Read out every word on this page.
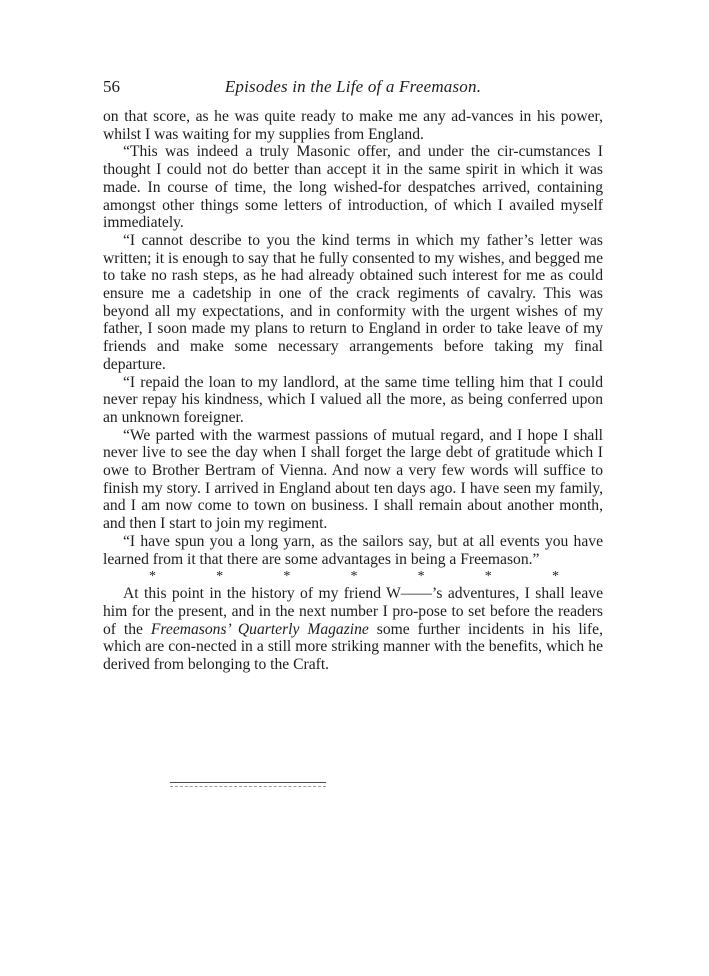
56	Episodes in the Life of a Freemason.

on that score, as he was quite ready to make me any ad-vances in his power, whilst I was waiting for my supplies from England.

“This was indeed a truly Masonic offer, and under the cir-cumstances I thought I could not do better than accept it in the same spirit in which it was made. In course of time, the long wished-for despatches arrived, containing amongst other things some letters of introduction, of which I availed myself immediately.

“I cannot describe to you the kind terms in which my father’s letter was written; it is enough to say that he fully consented to my wishes, and begged me to take no rash steps, as he had already obtained such interest for me as could ensure me a cadetship in one of the crack regiments of cavalry. This was beyond all my expectations, and in conformity with the urgent wishes of my father, I soon made my plans to return to England in order to take leave of my friends and make some necessary arrangements before taking my final departure.

“I repaid the loan to my landlord, at the same time telling him that I could never repay his kindness, which I valued all the more, as being conferred upon an unknown foreigner.

“We parted with the warmest passions of mutual regard, and I hope I shall never live to see the day when I shall forget the large debt of gratitude which I owe to Brother Bertram of Vienna. And now a very few words will suffice to finish my story. I arrived in England about ten days ago. I have seen my family, and I am now come to town on business. I shall remain about another month, and then I start to join my regiment.

“I have spun you a long yarn, as the sailors say, but at all events you have learned from it that there are some advantages in being a Freemason.”

*	*	*	*	*	*	*

At this point in the history of my friend W——’s adventures, I shall leave him for the present, and in the next number I pro-pose to set before the readers of the Freemasons’ Quarterly Magazine some further incidents in his life, which are con-nected in a still more striking manner with the benefits, which he derived from belonging to the Craft.
